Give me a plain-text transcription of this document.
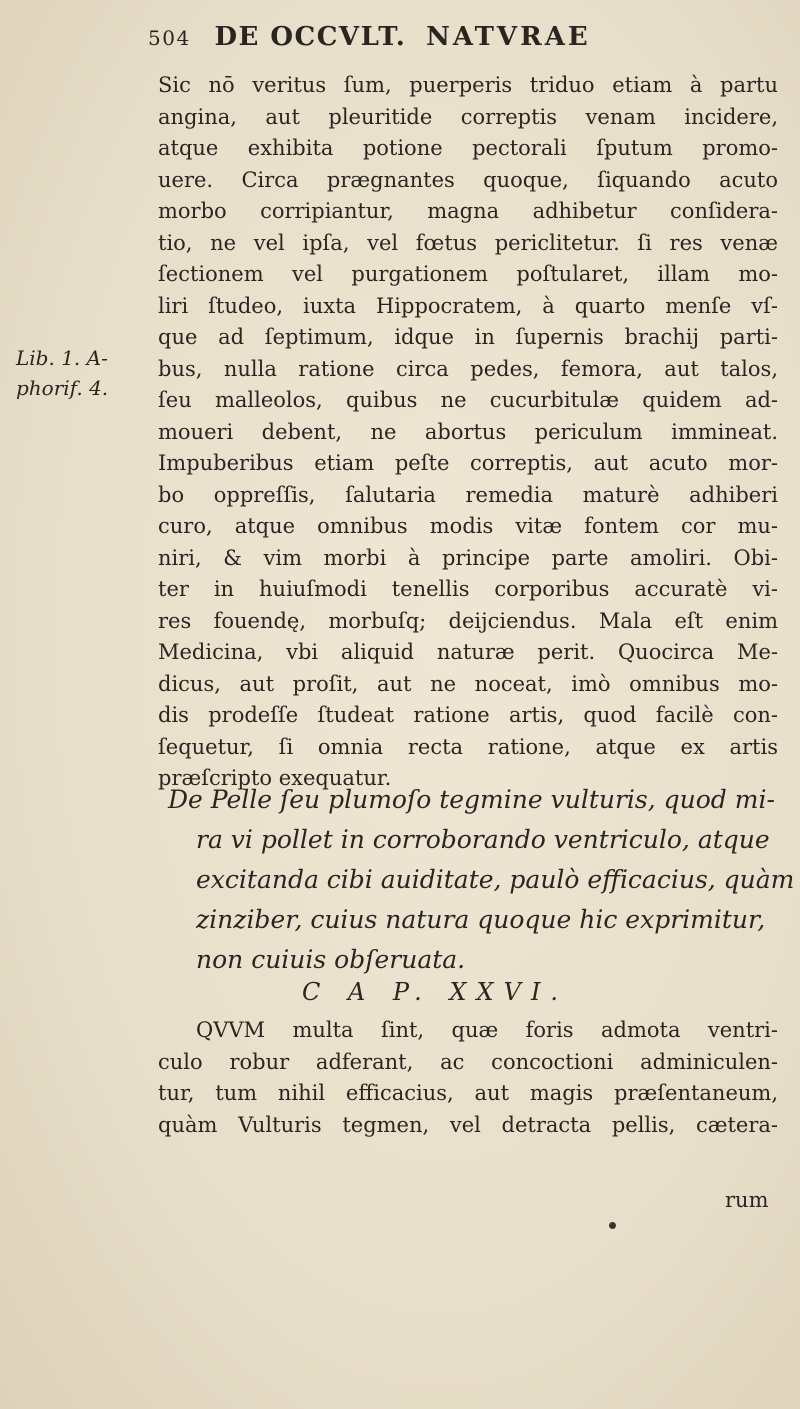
504 DE OCCVLT. NATVRAE
Lib. 1. A-
phorif. 4.
Sic nō veritus ſum, puerperis triduo etiam à partu
angina, aut pleuritide correptis venam incidere,
atque exhibita potione pectorali ſputum promo-
uere. Circa prægnantes quoque, ſiquando acuto
morbo corripiantur, magna adhibetur conſidera-
tio, ne vel ipſa, vel fœtus periclitetur. ſi res venæ
ſectionem vel purgationem poſtularet, illam mo-
liri ſtudeo, iuxta Hippocratem, à quarto menſe vſ-
que ad ſeptimum, idque in ſupernis brachij parti-
bus, nulla ratione circa pedes, femora, aut talos,
ſeu malleolos, quibus ne cucurbitulæ quidem ad-
moueri debent, ne abortus periculum immineat.
Impuberibus etiam peſte correptis, aut acuto mor-
bo oppreſſis, ſalutaria remedia maturè adhiberi
curo, atque omnibus modis vitæ fontem cor mu-
niri, & vim morbi à principe parte amoliri. Obi-
ter in huiuſmodi tenellis corporibus accuratè vi-
res fouendę, morbuſq; deijciendus. Mala eſt enim
Medicina, vbi aliquid naturæ perit. Quocirca Me-
dicus, aut proſit, aut ne noceat, imò omnibus mo-
dis prodeſſe ſtudeat ratione artis, quod facilè con-
ſequetur, ſi omnia recta ratione, atque ex artis
præſcripto exequatur.
De Pelle ſeu plumoſo tegmine vulturis, quod mi-
ra vi pollet in corroborando ventriculo, atque
excitanda cibi auiditate, paulò efficacius, quàm
zinziber, cuius natura quoque hic exprimitur,
non cuiuis obſeruata.
C A P. XXVI.
QVVM multa ſint, quæ foris admota ventri-
culo robur adferant, ac concoctioni adminiculen-
tur, tum nihil efficacius, aut magis præſentaneum,
quàm Vulturis tegmen, vel detracta pellis, cætera-
rum
